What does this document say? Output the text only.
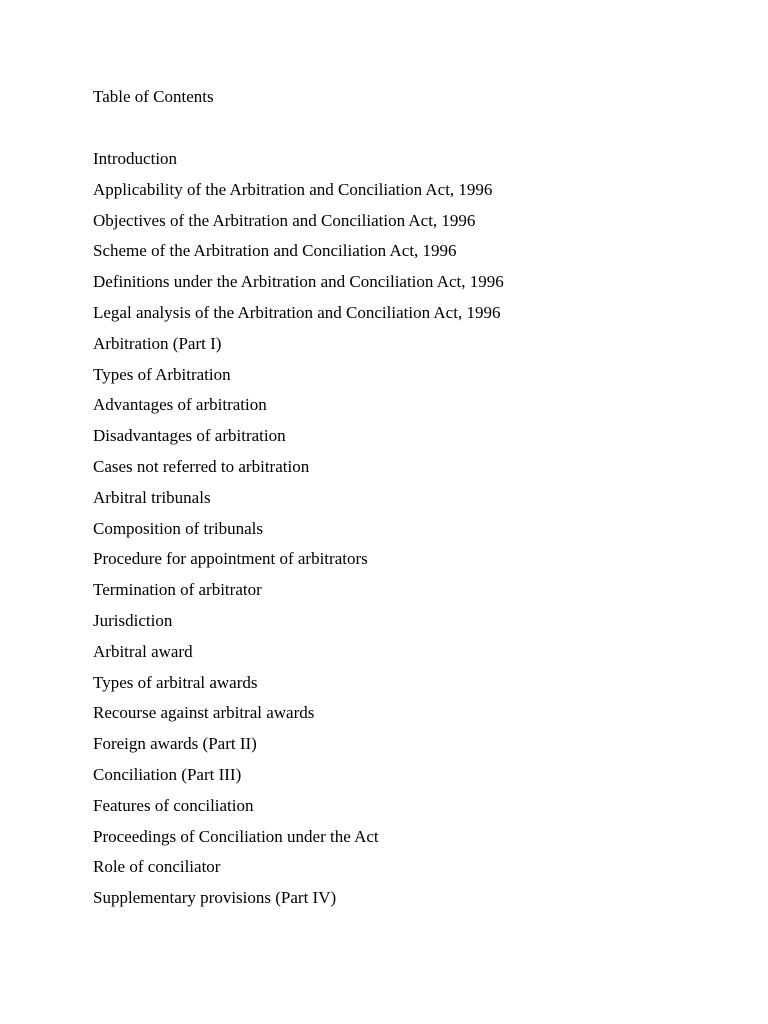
Table of Contents
Introduction
Applicability of the Arbitration and Conciliation Act, 1996
Objectives of the Arbitration and Conciliation Act, 1996
Scheme of the Arbitration and Conciliation Act, 1996
Definitions under the Arbitration and Conciliation Act, 1996
Legal analysis of the Arbitration and Conciliation Act, 1996
Arbitration (Part I)
Types of Arbitration
Advantages of arbitration
Disadvantages of arbitration
Cases not referred to arbitration
Arbitral tribunals
Composition of tribunals
Procedure for appointment of arbitrators
Termination of arbitrator
Jurisdiction
Arbitral award
Types of arbitral awards
Recourse against arbitral awards
Foreign awards (Part II)
Conciliation (Part III)
Features of conciliation
Proceedings of Conciliation under the Act
Role of conciliator
Supplementary provisions (Part IV)
